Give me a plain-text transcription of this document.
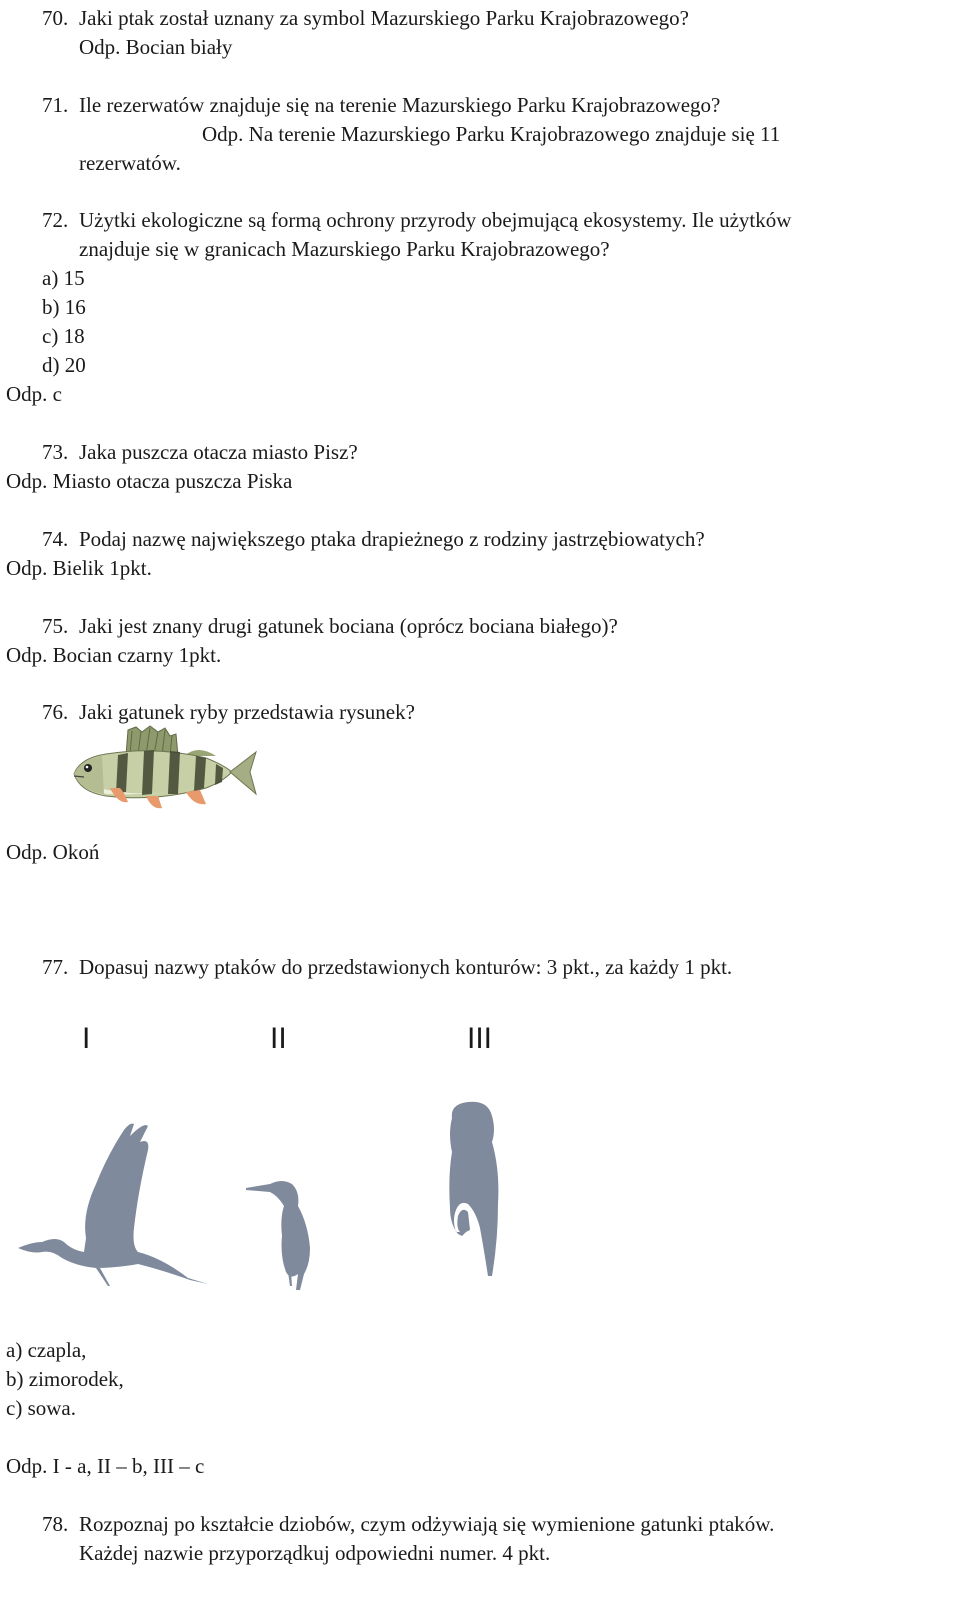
70. Jaki ptak został uznany za symbol Mazurskiego Parku Krajobrazowego?
Odp. Bocian biały
71. Ile rezerwatów znajduje się na terenie Mazurskiego Parku Krajobrazowego?
Odp. Na terenie Mazurskiego Parku Krajobrazowego znajduje się 11
rezerwatów.
72. Użytki ekologiczne są formą ochrony przyrody obejmującą ekosystemy. Ile użytków
znajduje się w granicach Mazurskiego Parku Krajobrazowego?
a) 15
b) 16
c) 18
d) 20
Odp. c
73. Jaka puszcza otacza miasto Pisz?
Odp. Miasto otacza puszcza Piska
74. Podaj nazwę największego ptaka drapieżnego z rodziny jastrzębiowatych?
Odp. Bielik 1pkt.
75. Jaki jest znany drugi gatunek bociana (oprócz bociana białego)?
Odp. Bocian czarny 1pkt.
76. Jaki gatunek ryby przedstawia rysunek?
Odp. Okoń
77. Dopasuj nazwy ptaków do przedstawionych konturów: 3 pkt., za każdy 1 pkt.
I	II	III
a) czapla,
b) zimorodek,
c) sowa.
Odp. I - a, II – b, III – c
78. Rozpoznaj po kształcie dziobów, czym odżywiają się wymienione gatunki ptaków.
Każdej nazwie przyporządkuj odpowiedni numer. 4 pkt.
